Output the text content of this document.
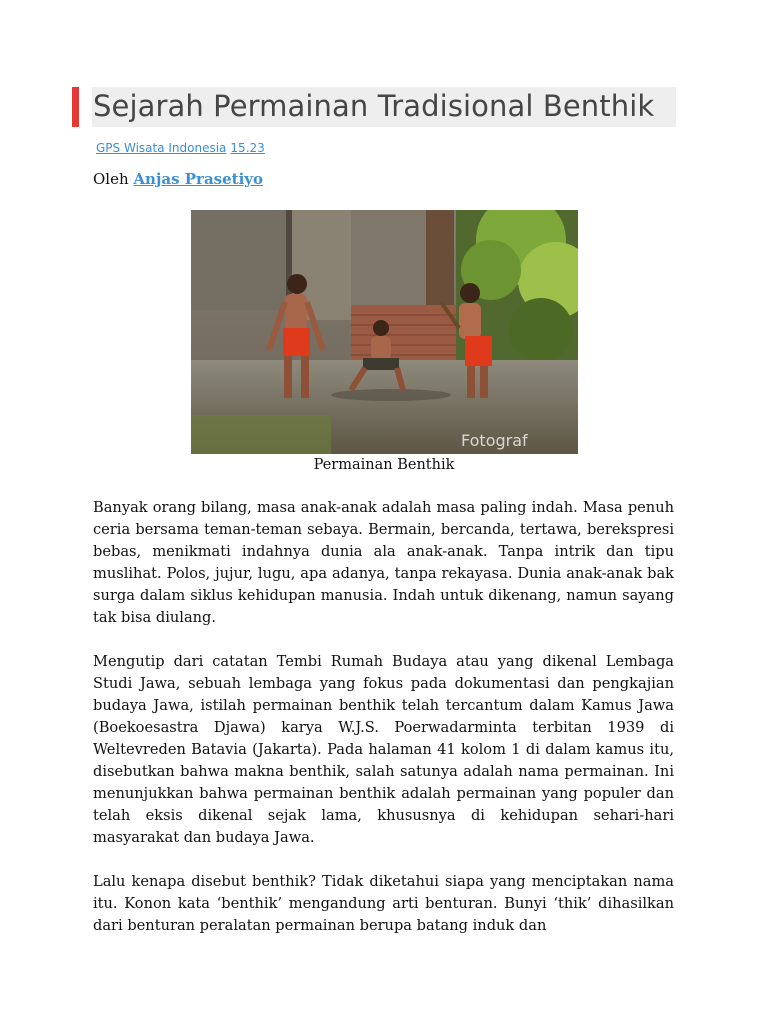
Sejarah Permainan Tradisional Benthik
GPS Wisata Indonesia 15.23
Oleh Anjas Prasetiyo
Fotograf
Permainan Benthik

Banyak orang bilang, masa anak-anak adalah masa paling indah. Masa penuh ceria bersama teman-teman sebaya. Bermain, bercanda, tertawa, berekspresi bebas, menikmati indahnya dunia ala anak-anak. Tanpa intrik dan tipu muslihat. Polos, jujur, lugu, apa adanya, tanpa rekayasa. Dunia anak-anak bak surga dalam siklus kehidupan manusia. Indah untuk dikenang, namun sayang tak bisa diulang.

Mengutip dari catatan Tembi Rumah Budaya atau yang dikenal Lembaga Studi Jawa, sebuah lembaga yang fokus pada dokumentasi dan pengkajian budaya Jawa, istilah permainan benthik telah tercantum dalam Kamus Jawa (Boekoesastra Djawa) karya W.J.S. Poerwadarminta terbitan 1939 di Weltevreden Batavia (Jakarta). Pada halaman 41 kolom 1 di dalam kamus itu, disebutkan bahwa makna benthik, salah satunya adalah nama permainan. Ini menunjukkan bahwa permainan benthik adalah permainan yang populer dan telah eksis dikenal sejak lama, khususnya di kehidupan sehari-hari masyarakat dan budaya Jawa.

Lalu kenapa disebut benthik? Tidak diketahui siapa yang menciptakan nama itu. Konon kata ‘benthik’ mengandung arti benturan. Bunyi ‘thik’ dihasilkan dari benturan peralatan permainan berupa batang induk dan
